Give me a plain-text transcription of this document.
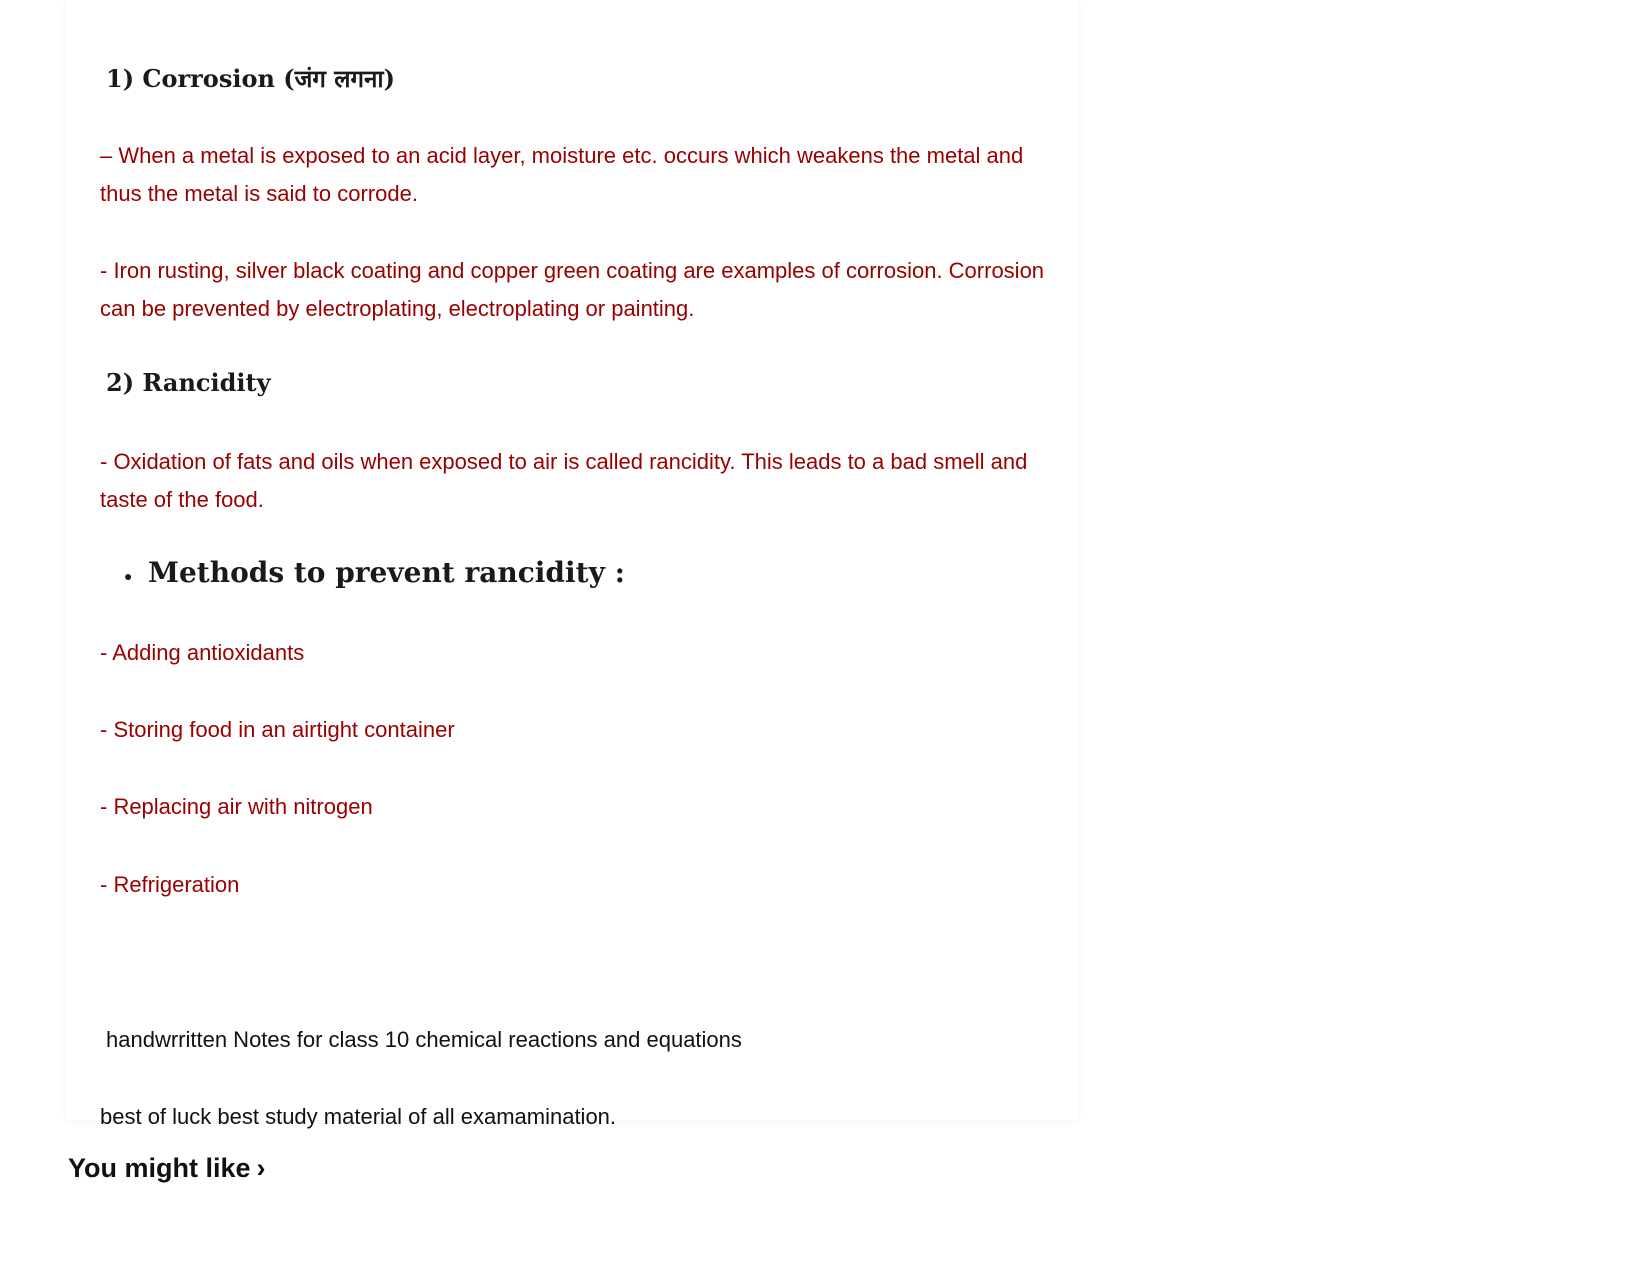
1) Corrosion (जंग लगना)

– When a metal is exposed to an acid layer, moisture etc. occurs which weakens the metal and thus the metal is said to corrode.

- Iron rusting, silver black coating and copper green coating are examples of corrosion. Corrosion can be prevented by electroplating, electroplating or painting.

2) Rancidity

- Oxidation of fats and oils when exposed to air is called rancidity. This leads to a bad smell and taste of the food.

● Methods to prevent rancidity :

- Adding antioxidants

- Storing food in an airtight container

- Replacing air with nitrogen

- Refrigeration

handwrritten Notes for class 10 chemical reactions and equations

best of luck best study material of all examamination.

You might like ›
